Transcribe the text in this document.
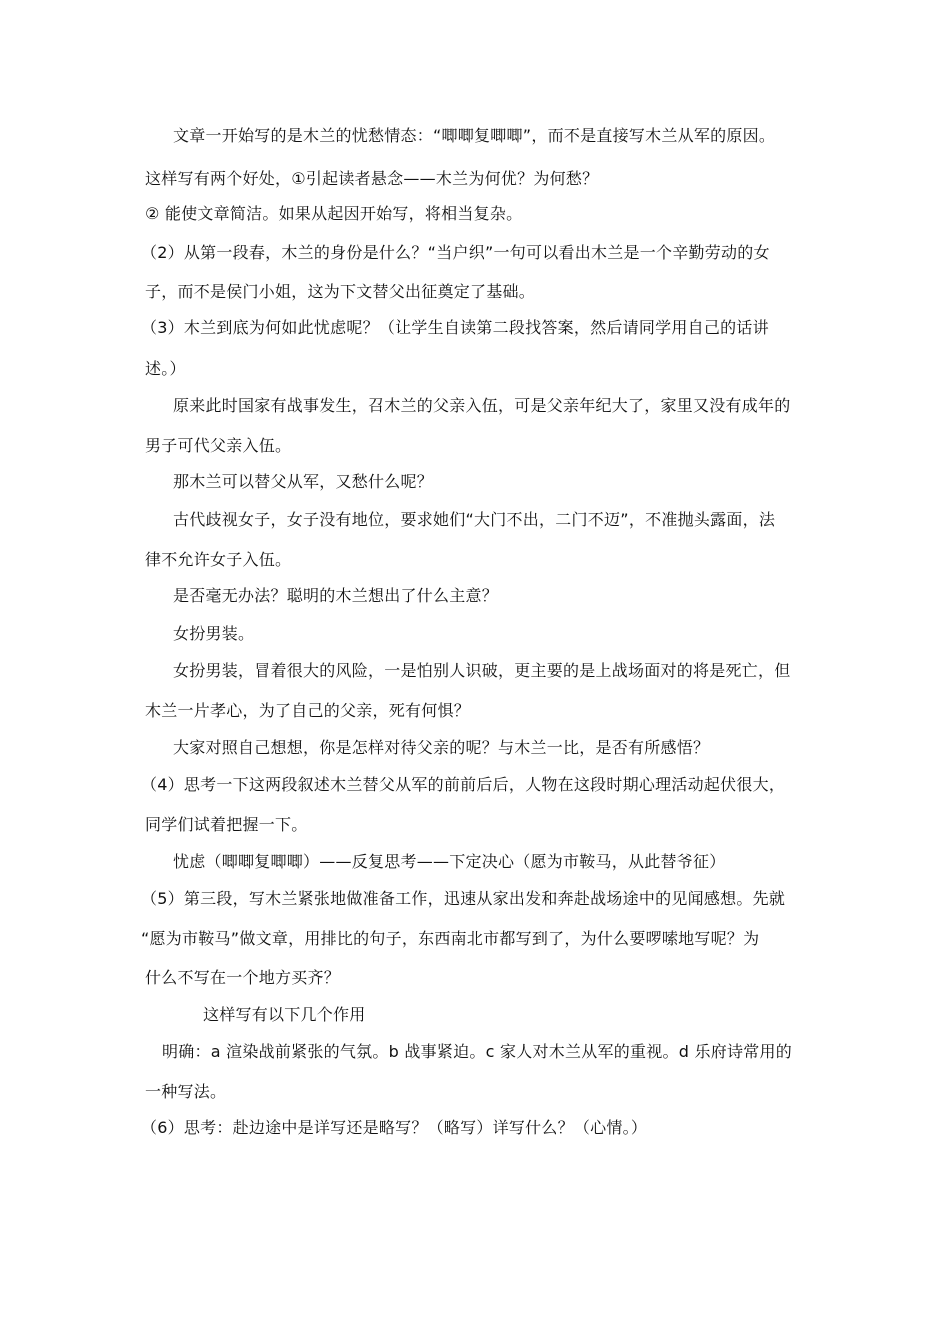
文章一开始写的是木兰的忧愁情态：“唧唧复唧唧”，而不是直接写木兰从军的原因。

这样写有两个好处，①引起读者悬念——木兰为何优？为何愁？

② 能使文章简洁。如果从起因开始写，将相当复杂。

（2）从第一段春，木兰的身份是什么？“当户织”一句可以看出木兰是一个辛勤劳动的女

子，而不是侯门小姐，这为下文替父出征奠定了基础。

（3）木兰到底为何如此忧虑呢？（让学生自读第二段找答案，然后请同学用自己的话讲

述。）

原来此时国家有战事发生，召木兰的父亲入伍，可是父亲年纪大了，家里又没有成年的

男子可代父亲入伍。

那木兰可以替父从军，又愁什么呢？

古代歧视女子，女子没有地位，要求她们“大门不出，二门不迈”，不准抛头露面，法

律不允许女子入伍。

是否毫无办法？聪明的木兰想出了什么主意？

女扮男装。

女扮男装，冒着很大的风险，一是怕别人识破，更主要的是上战场面对的将是死亡，但

木兰一片孝心，为了自己的父亲，死有何惧？

大家对照自己想想，你是怎样对待父亲的呢？与木兰一比，是否有所感悟？

（4）思考一下这两段叙述木兰替父从军的前前后后，人物在这段时期心理活动起伏很大，

同学们试着把握一下。

忧虑（唧唧复唧唧）——反复思考——下定决心（愿为市鞍马，从此替爷征）

（5）第三段，写木兰紧张地做准备工作，迅速从家出发和奔赴战场途中的见闻感想。先就

“愿为市鞍马”做文章，用排比的句子，东西南北市都写到了，为什么要啰嗦地写呢？为

什么不写在一个地方买齐？

这样写有以下几个作用

明确：a 渲染战前紧张的气氛。b 战事紧迫。c 家人对木兰从军的重视。d 乐府诗常用的

一种写法。

（6）思考：赴边途中是详写还是略写？（略写）详写什么？（心情。）
